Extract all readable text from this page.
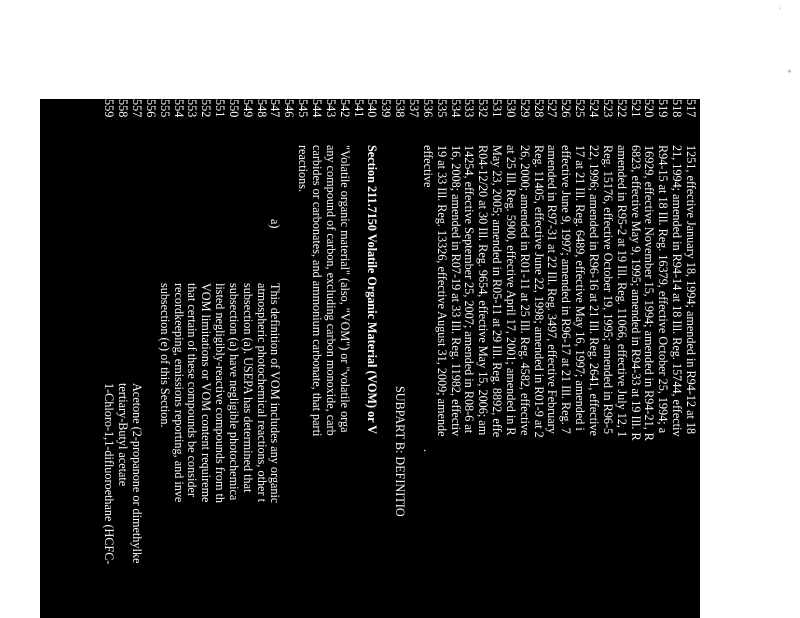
'
*
517
1251, effective January 18, 1994; amended in R94-12 at 18
518
21, 1994; amended in R94-14 at 18 Ill. Reg. 15744, effectiv
519
R94-15 at 18 Ill. Reg. 16379, effective October 25, 1994; a
520
16929, effective November 15, 1994; amended in R94-21, R
521
6823, effective May 9, 1995; amended in R94-33 at 19 Ill. R
522
amended in R95-2 at 19 Ill. Reg. 11066, effective July 12, 1
523
Reg. 15176, effective October 19, 1995; amended in R96-5
524
22, 1996; amended in R96-16 at 21 Ill. Reg. 2641, effective
525
17 at 21 Ill. Reg. 6489, effective May 16, 1997; amended i
526
effective June 9, 1997; amended in R96-17 at 21 Ill. Reg. 7
527
amended in R97-31 at 22 Ill. Reg. 3497, effective February
528
Reg. 11405, effective June 22, 1998; amended in R01-9 at 2
529
26, 2000; amended in R01-11 at 25 Ill. Reg. 4582, effective
530
at 25 Ill. Reg. 5900, effective April 17, 2001; amended in R
531
May 23, 2005; amended in R05-11 at 29 Ill. Reg. 8892, effe
532
R04-12/20 at 30 Ill. Reg. 9654, effective May 15, 2006; am
533
14254, effective September 25, 2007; amended in R08-6 at
534
16, 2008; amended in R07-19 at 33 Ill. Reg. 11982, effectiv
535
19 at 33 Ill. Reg. 13326, effective August 31, 2009; amende
536
effective
.
537
538
SUBPART B: DEFINITIO
539
540
Section 211.7150 Volatile Organic Material (VOM) or V
541
542
"Volatile organic material" (also, "VOM") or "volatile orga
543
any compound of carbon, excluding carbon monoxide, carb
544
carbides or carbonates, and ammonium carbonate, that parti
545
reactions.
546
547
This definition of VOM includes any organic
a)
548
atmospheric photochemical reactions, other t
549
subsection (a). USEPA has determined that
550
subsection (a) have negligible photochemica
551
listed negligibly-reactive compounds from th
552
VOM limitations or VOM content requireme
553
that certain of these compounds be consider
554
recordkeeping, emissions reporting, and inve
555
subsection (e) of this Section.
556
557
Acetone (2-propanone or dimethylke
558
tertiary-Butyl acetate
559
1-Chloro-1,1-difluoroethane (HCFC-
